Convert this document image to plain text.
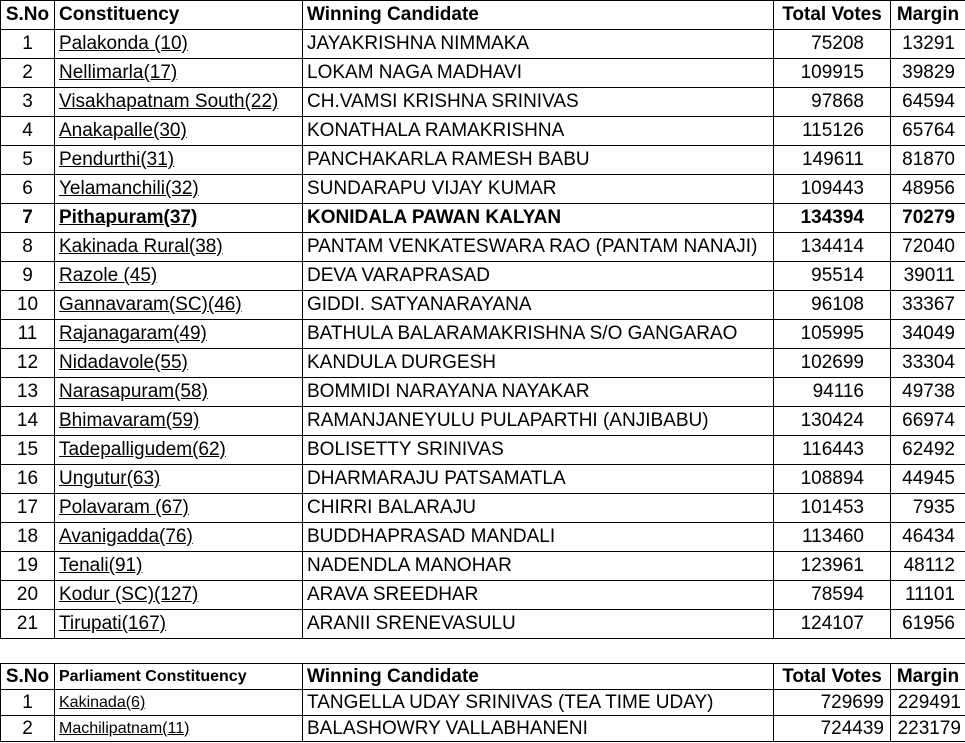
S.No	Constituency	Winning Candidate	Total Votes	Margin
1	Palakonda (10)	JAYAKRISHNA NIMMAKA	75208	13291
2	Nellimarla(17)	LOKAM NAGA MADHAVI	109915	39829
3	Visakhapatnam South(22)	CH.VAMSI KRISHNA SRINIVAS	97868	64594
4	Anakapalle(30)	KONATHALA RAMAKRISHNA	115126	65764
5	Pendurthi(31)	PANCHAKARLA RAMESH BABU	149611	81870
6	Yelamanchili(32)	SUNDARAPU VIJAY KUMAR	109443	48956
7	Pithapuram(37)	KONIDALA PAWAN KALYAN	134394	70279
8	Kakinada Rural(38)	PANTAM VENKATESWARA RAO (PANTAM NANAJI)	134414	72040
9	Razole (45)	DEVA VARAPRASAD	95514	39011
10	Gannavaram(SC)(46)	GIDDI. SATYANARAYANA	96108	33367
11	Rajanagaram(49)	BATHULA BALARAMAKRISHNA S/O GANGARAO	105995	34049
12	Nidadavole(55)	KANDULA DURGESH	102699	33304
13	Narasapuram(58)	BOMMIDI NARAYANA NAYAKAR	94116	49738
14	Bhimavaram(59)	RAMANJANEYULU PULAPARTHI (ANJIBABU)	130424	66974
15	Tadepalligudem(62)	BOLISETTY SRINIVAS	116443	62492
16	Ungutur(63)	DHARMARAJU PATSAMATLA	108894	44945
17	Polavaram (67)	CHIRRI BALARAJU	101453	7935
18	Avanigadda(76)	BUDDHAPRASAD MANDALI	113460	46434
19	Tenali(91)	NADENDLA MANOHAR	123961	48112
20	Kodur (SC)(127)	ARAVA SREEDHAR	78594	11101
21	Tirupati(167)	ARANII SRENEVASULU	124107	61956
S.No	Parliament Constituency	Winning Candidate	Total Votes	Margin
1	Kakinada(6)	TANGELLA UDAY SRINIVAS (TEA TIME UDAY)	729699	229491
2	Machilipatnam(11)	BALASHOWRY VALLABHANENI	724439	223179
